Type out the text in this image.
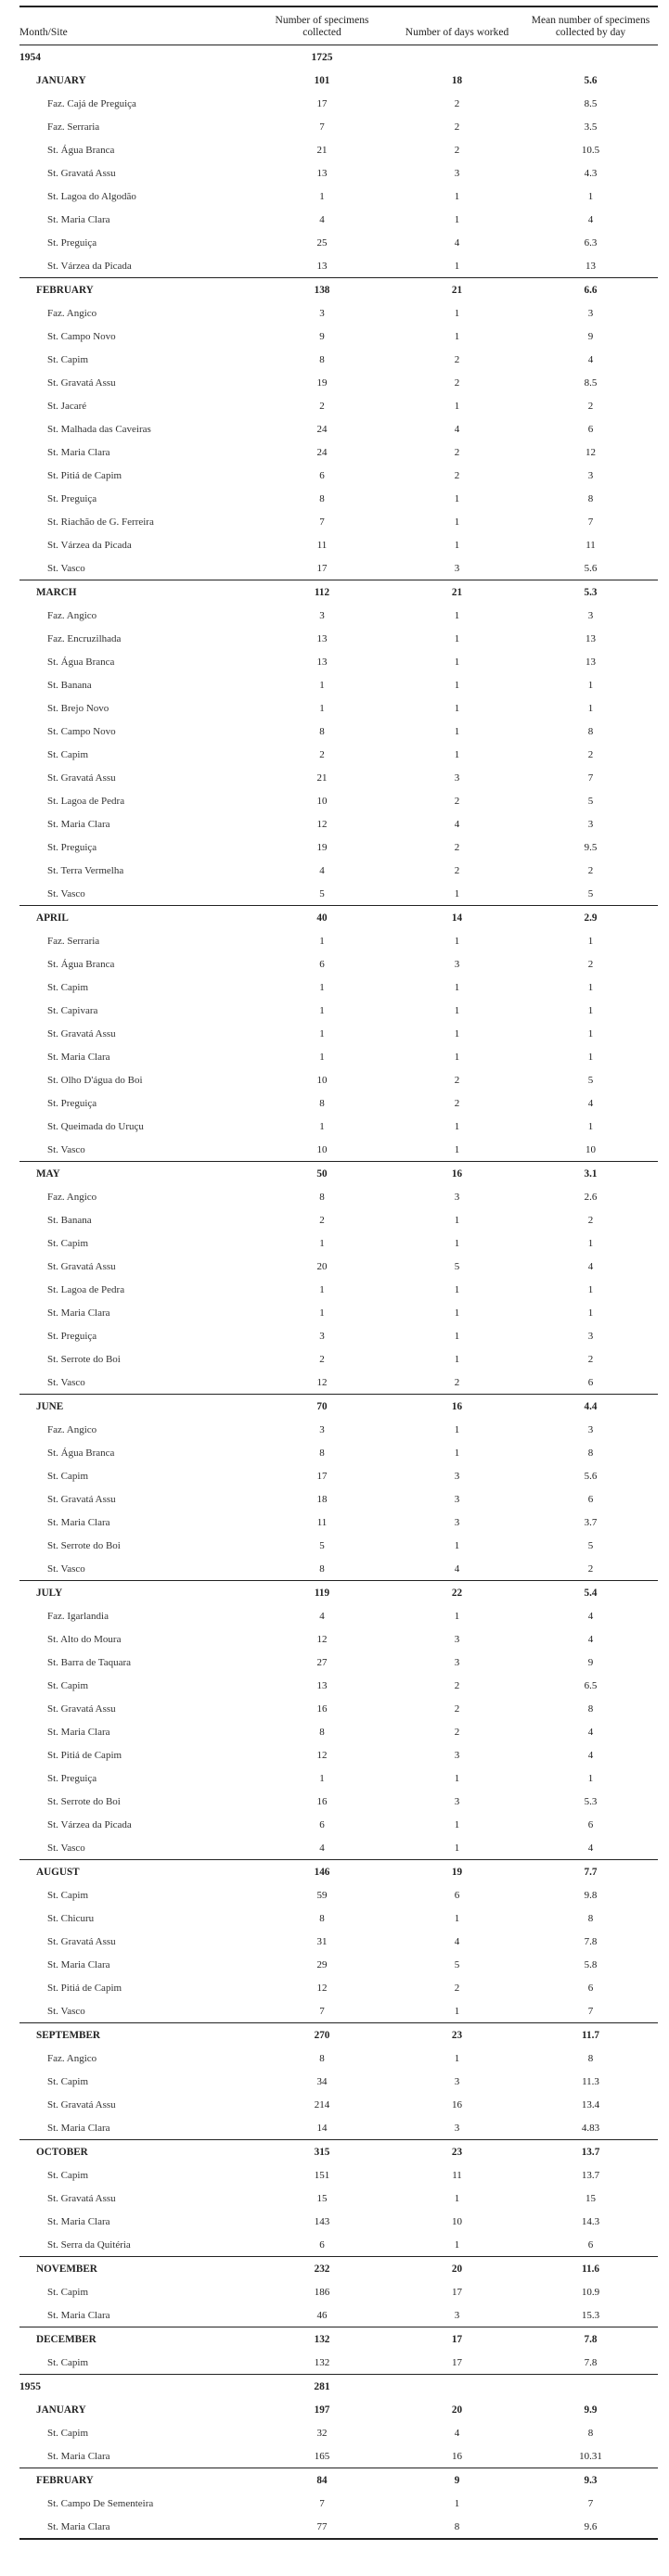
Month/Site	Number of specimens collected	Number of days worked	Mean number of specimens collected by day
1954	1725		
JANUARY	101	18	5.6
Faz. Cajá de Preguiça	17	2	8.5
Faz. Serraria	7	2	3.5
St. Água Branca	21	2	10.5
St. Gravatá Assu	13	3	4.3
St. Lagoa do Algodão	1	1	1
St. Maria Clara	4	1	4
St. Preguiça	25	4	6.3
St. Várzea da Picada	13	1	13
FEBRUARY	138	21	6.6
Faz. Angico	3	1	3
St. Campo Novo	9	1	9
St. Capim	8	2	4
St. Gravatá Assu	19	2	8.5
St. Jacaré	2	1	2
St. Malhada das Caveiras	24	4	6
St. Maria Clara	24	2	12
St. Pitiá de Capim	6	2	3
St. Preguiça	8	1	8
St. Riachão de G. Ferreira	7	1	7
St. Várzea da Picada	11	1	11
St. Vasco	17	3	5.6
MARCH	112	21	5.3
Faz. Angico	3	1	3
Faz. Encruzilhada	13	1	13
St. Água Branca	13	1	13
St. Banana	1	1	1
St. Brejo Novo	1	1	1
St. Campo Novo	8	1	8
St. Capim	2	1	2
St. Gravatá Assu	21	3	7
St. Lagoa de Pedra	10	2	5
St. Maria Clara	12	4	3
St. Preguiça	19	2	9.5
St. Terra Vermelha	4	2	2
St. Vasco	5	1	5
APRIL	40	14	2.9
Faz. Serraria	1	1	1
St. Água Branca	6	3	2
St. Capim	1	1	1
St. Capivara	1	1	1
St. Gravatá Assu	1	1	1
St. Maria Clara	1	1	1
St. Olho D'água do Boi	10	2	5
St. Preguiça	8	2	4
St. Queimada do Uruçu	1	1	1
St. Vasco	10	1	10
MAY	50	16	3.1
Faz. Angico	8	3	2.6
St. Banana	2	1	2
St. Capim	1	1	1
St. Gravatá Assu	20	5	4
St. Lagoa de Pedra	1	1	1
St. Maria Clara	1	1	1
St. Preguiça	3	1	3
St. Serrote do Boi	2	1	2
St. Vasco	12	2	6
JUNE	70	16	4.4
Faz. Angico	3	1	3
St. Água Branca	8	1	8
St. Capim	17	3	5.6
St. Gravatá Assu	18	3	6
St. Maria Clara	11	3	3.7
St. Serrote do Boi	5	1	5
St. Vasco	8	4	2
JULY	119	22	5.4
Faz. Igarlandia	4	1	4
St. Alto do Moura	12	3	4
St. Barra de Taquara	27	3	9
St. Capim	13	2	6.5
St. Gravatá Assu	16	2	8
St. Maria Clara	8	2	4
St. Pitiá de Capim	12	3	4
St. Preguiça	1	1	1
St. Serrote do Boi	16	3	5.3
St. Várzea da Picada	6	1	6
St. Vasco	4	1	4
AUGUST	146	19	7.7
St. Capim	59	6	9.8
St. Chicuru	8	1	8
St. Gravatá Assu	31	4	7.8
St. Maria Clara	29	5	5.8
St. Pitiá de Capim	12	2	6
St. Vasco	7	1	7
SEPTEMBER	270	23	11.7
Faz. Angico	8	1	8
St. Capim	34	3	11.3
St. Gravatá Assu	214	16	13.4
St. Maria Clara	14	3	4.83
OCTOBER	315	23	13.7
St. Capim	151	11	13.7
St. Gravatá Assu	15	1	15
St. Maria Clara	143	10	14.3
St. Serra da Quitéria	6	1	6
NOVEMBER	232	20	11.6
St. Capim	186	17	10.9
St. Maria Clara	46	3	15.3
DECEMBER	132	17	7.8
St. Capim	132	17	7.8
1955	281		
JANUARY	197	20	9.9
St. Capim	32	4	8
St. Maria Clara	165	16	10.31
FEBRUARY	84	9	9.3
St. Campo De Sementeira	7	1	7
St. Maria Clara	77	8	9.6
